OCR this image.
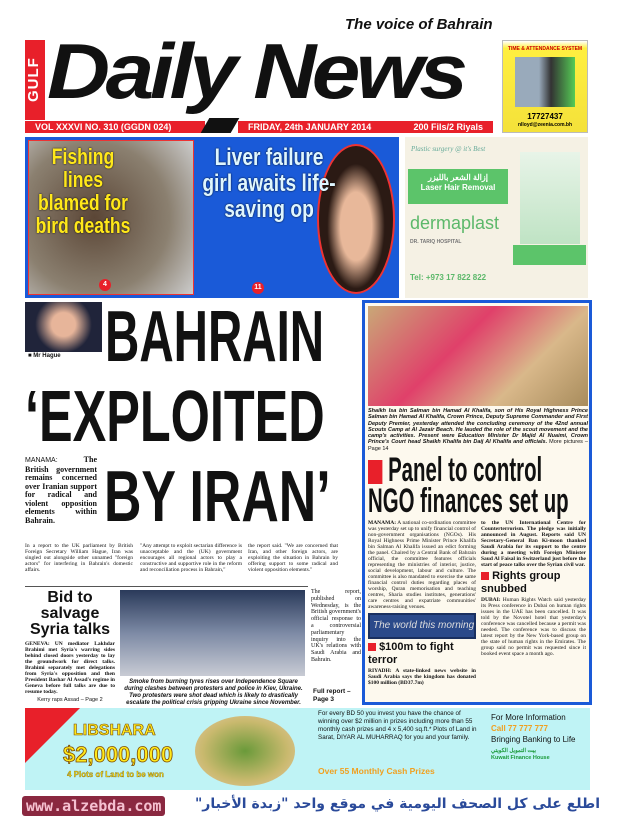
GULF Daily News
The voice of Bahrain
VOL XXXVI NO. 310 (GGDN 024)	FRIDAY, 24th JANUARY 2014	200 Fils/2 Riyals
TIME & ATTENDANCE SYSTEM
17727437
nlloyd@zeenia.com.bh
Fishing lines blamed for bird deaths
4
Liver failure girl awaits life-saving op
11
Plastic surgery @ it's Best
إزالة الشعر بالليزر
Laser Hair Removal
dermaplast
DR. TARIQ HOSPITAL
Tel: +973 17 822 822
■ Mr Hague BAHRAIN
‘EXPLOITED
BY IRAN’
MANAMA:	The British government remains concerned over Iranian support for radical and violent opposition elements within Bahrain.
In a report to the UK parliament by British Foreign Secretary William Hague, Iran was singled out alongside other unnamed "foreign actors" for interfering in Bahrain's domestic affairs.
"Any attempt to exploit sectarian difference is unacceptable and the (UK) government encourages all regional actors to play a constructive and supportive role in the reform and reconciliation process in Bahrain,"
the report said. "We are concerned that Iran, and other foreign actors, are exploiting the situation in Bahrain by offering support to some radical and violent opposition elements."
The report, published on Wednesday, is the British government's official response to a controversial parliamentary inquiry into the UK's relations with Saudi Arabia and Bahrain.
Full report – Page 3
Bid to salvage Syria talks
GENEVA: UN mediator Lakhdar Brahimi met Syria's warring sides behind closed doors yesterday to lay the groundwork for direct talks. Brahimi separately met delegations from Syria's opposition and then President Bashar Al Assad's regime in Geneva before full talks are due to resume today.
Kerry raps Assad – Page 2
Smoke from burning tyres rises over Independence Square during clashes between protesters and police in Kiev, Ukraine. Two protesters were shot dead which is likely to drastically escalate the political crisis gripping Ukraine since November.
Shaikh Isa bin Salman bin Hamad Al Khalifa, son of His Royal Highness Prince Salman bin Hamad Al Khalifa, Crown Prince, Deputy Supreme Commander and First Deputy Premier, yesterday attended the concluding ceremony of the 42nd annual Scouts Camp at Al Jazair Beach. He lauded the role of the scout movement and the camp's activities. Present were Education Minister Dr Majid Al Nuaimi, Crown Prince's Court head Shaikh Khalifa bin Daij Al Khalifa and officials. More pictures – Page 14
Panel to control NGO finances set up
MANAMA: A national co-ordination committee was yesterday set up to unify financial control of non-government organisations (NGOs). His Royal Highness Prime Minister Prince Khalifa bin Salman Al Khalifa issued an edict forming the panel. Chaired by a Central Bank of Bahrain official, the committee features officials representing the ministries of interior, justice, social development, labour and culture. The committee is also mandated to exercise the same financial control duties regarding places of worship, Quran memorisation and teaching centres, Sharia studies institutes, generations' care centres and expatriate communities' awareness-raising venues.
The world this morning
$100m to fight terror
RIYADH: A state-linked news website in Saudi Arabia says the kingdom has donated $100 million (BD37.7m)
to the UN International Centre for Counterterrorism. The pledge was initially announced in August. Reports said UN Secretary-General Ban Ki-moon thanked Saudi Arabia for its support to the centre during a meeting with Foreign Minister Saud Al Faisal in Switzerland just before the start of peace talks over the Syrian civil war.
Rights group snubbed
DUBAI: Human Rights Watch said yesterday its Press conference in Dubai on human rights issues in the UAE has been cancelled. It was told by the Novotel hotel that yesterday's conference was cancelled because a permit was needed. The conference was to discuss the latest report by the New York-based group on the state of human rights in the Emirates. The group said no permit was requested since it booked event space a month ago.
LIBSHARA
$2,000,000
4 Plots of Land to be won
For every BD 50 you invest you have the chance of winning over $2 million in prizes including more than 55 monthly cash prizes and 4 x 5,400 sq.ft.* Plots of Land in Sarat, DIYAR AL MUHARRAQ for you and your family.
Over 55 Monthly Cash Prizes
For More Information
Call 77 777 777
Bringing Banking to Life
بيت التمويل الكويتي
Kuwait Finance House
www.alzebda.com اطلع على كل الصحف اليومية في موقع واحد "زبدة الأخبار"
